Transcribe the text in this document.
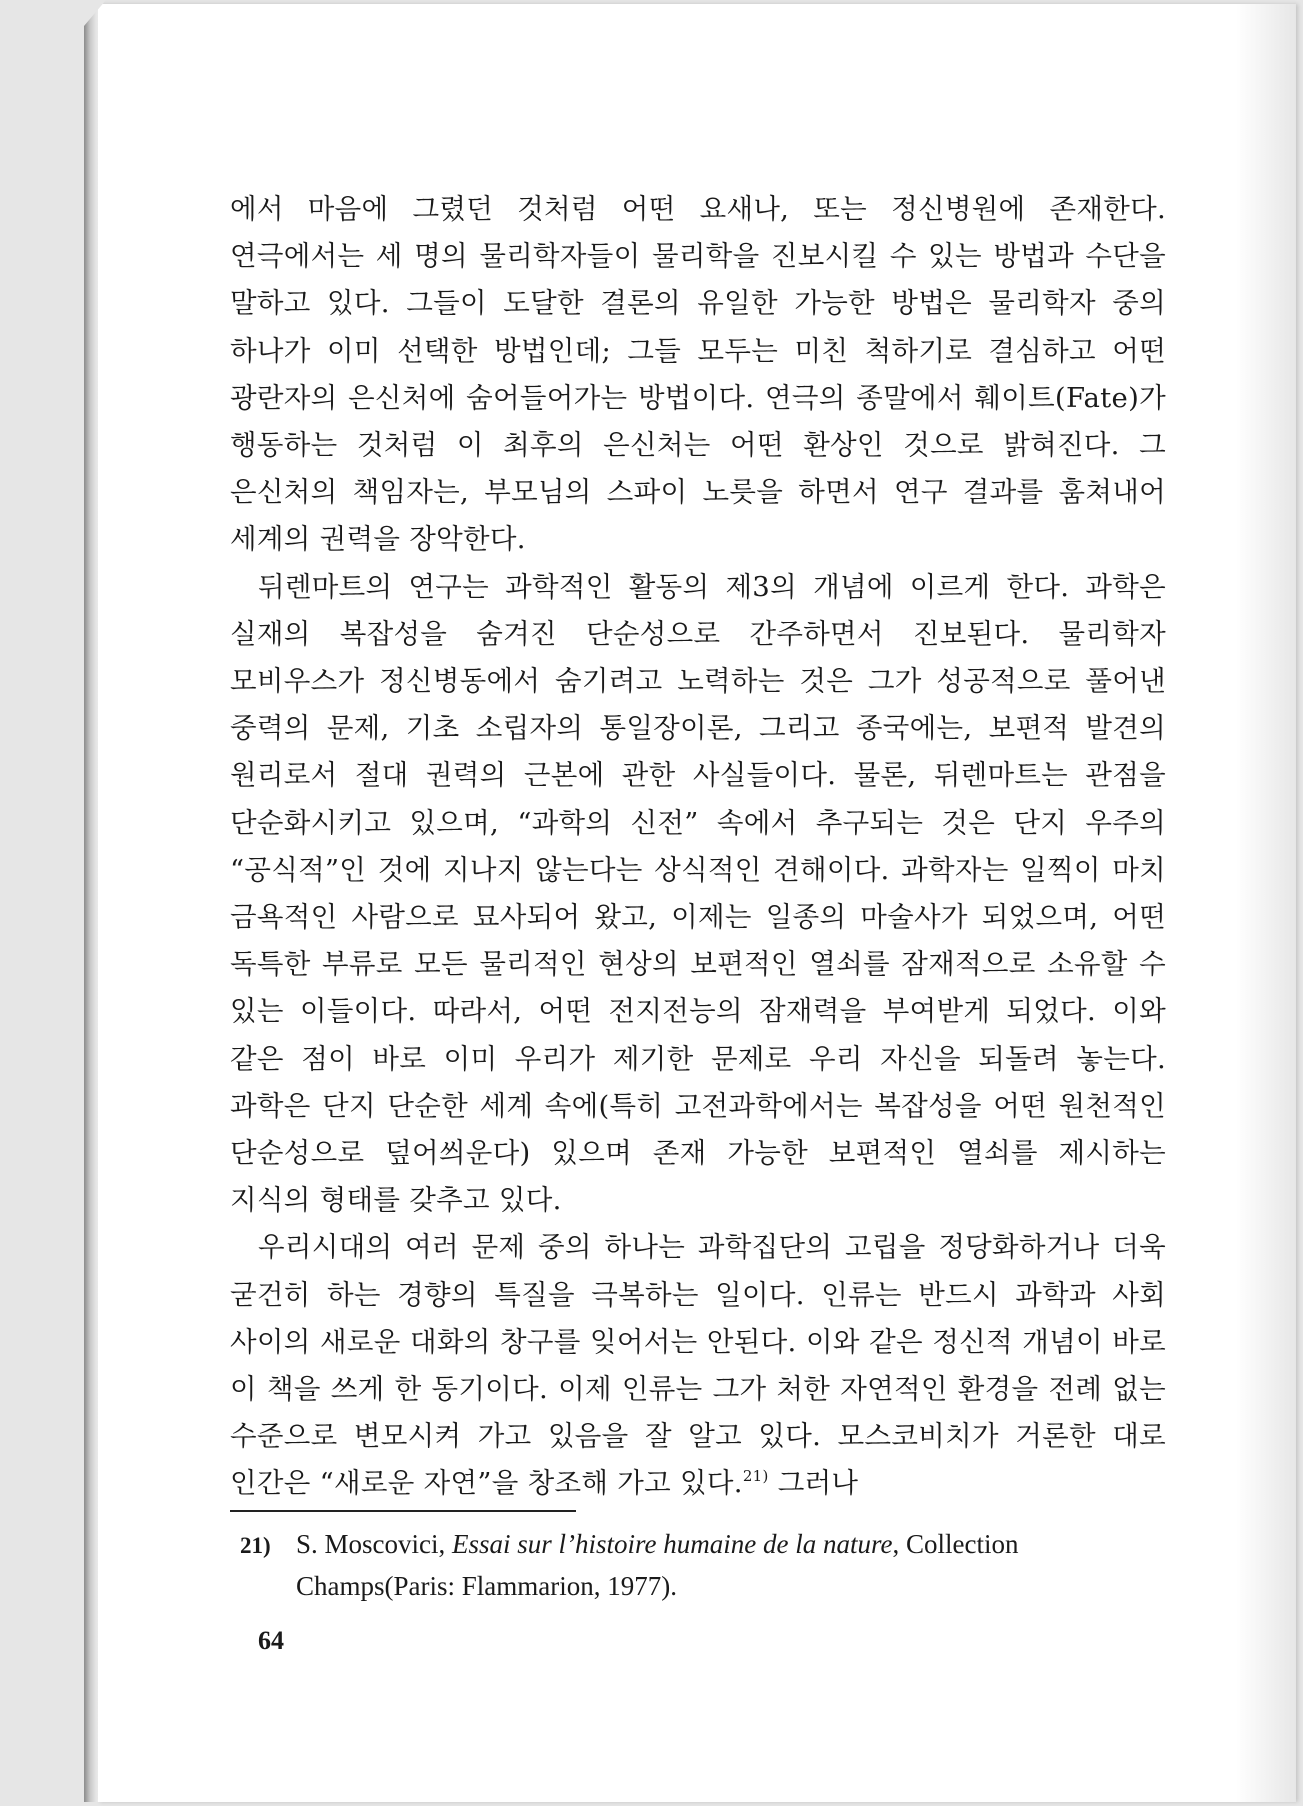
에서 마음에 그렸던 것처럼 어떤 요새나, 또는 정신병원에 존재한다. 연극에서는 세 명의 물리학자들이 물리학을 진보시킬 수 있는 방법과 수단을 말하고 있다. 그들이 도달한 결론의 유일한 가능한 방법은 물리학자 중의 하나가 이미 선택한 방법인데; 그들 모두는 미친 척하기로 결심하고 어떤 광란자의 은신처에 숨어들어가는 방법이다. 연극의 종말에서 훼이트(Fate)가 행동하는 것처럼 이 최후의 은신처는 어떤 환상인 것으로 밝혀진다. 그 은신처의 책임자는, 부모님의 스파이 노릇을 하면서 연구 결과를 훔쳐내어 세계의 권력을 장악한다.

뒤렌마트의 연구는 과학적인 활동의 제3의 개념에 이르게 한다. 과학은 실재의 복잡성을 숨겨진 단순성으로 간주하면서 진보된다. 물리학자 모비우스가 정신병동에서 숨기려고 노력하는 것은 그가 성공적으로 풀어낸 중력의 문제, 기초 소립자의 통일장이론, 그리고 종국에는, 보편적 발견의 원리로서 절대 권력의 근본에 관한 사실들이다. 물론, 뒤렌마트는 관점을 단순화시키고 있으며, “과학의 신전” 속에서 추구되는 것은 단지 우주의 “공식적”인 것에 지나지 않는다는 상식적인 견해이다. 과학자는 일찍이 마치 금욕적인 사람으로 묘사되어 왔고, 이제는 일종의 마술사가 되었으며, 어떤 독특한 부류로 모든 물리적인 현상의 보편적인 열쇠를 잠재적으로 소유할 수 있는 이들이다. 따라서, 어떤 전지전능의 잠재력을 부여받게 되었다. 이와 같은 점이 바로 이미 우리가 제기한 문제로 우리 자신을 되돌려 놓는다. 과학은 단지 단순한 세계 속에(특히 고전과학에서는 복잡성을 어떤 원천적인 단순성으로 덮어씌운다) 있으며 존재 가능한 보편적인 열쇠를 제시하는 지식의 형태를 갖추고 있다.

우리시대의 여러 문제 중의 하나는 과학집단의 고립을 정당화하거나 더욱 굳건히 하는 경향의 특질을 극복하는 일이다. 인류는 반드시 과학과 사회 사이의 새로운 대화의 창구를 잊어서는 안된다. 이와 같은 정신적 개념이 바로 이 책을 쓰게 한 동기이다. 이제 인류는 그가 처한 자연적인 환경을 전례 없는 수준으로 변모시켜 가고 있음을 잘 알고 있다. 모스코비치가 거론한 대로 인간은 “새로운 자연”을 창조해 가고 있다.$^{21)}$ 그러나

21) S. Moscovici, Essai sur l’histoire humaine de la nature, Collection
Champs(Paris: Flammarion, 1977).
64
